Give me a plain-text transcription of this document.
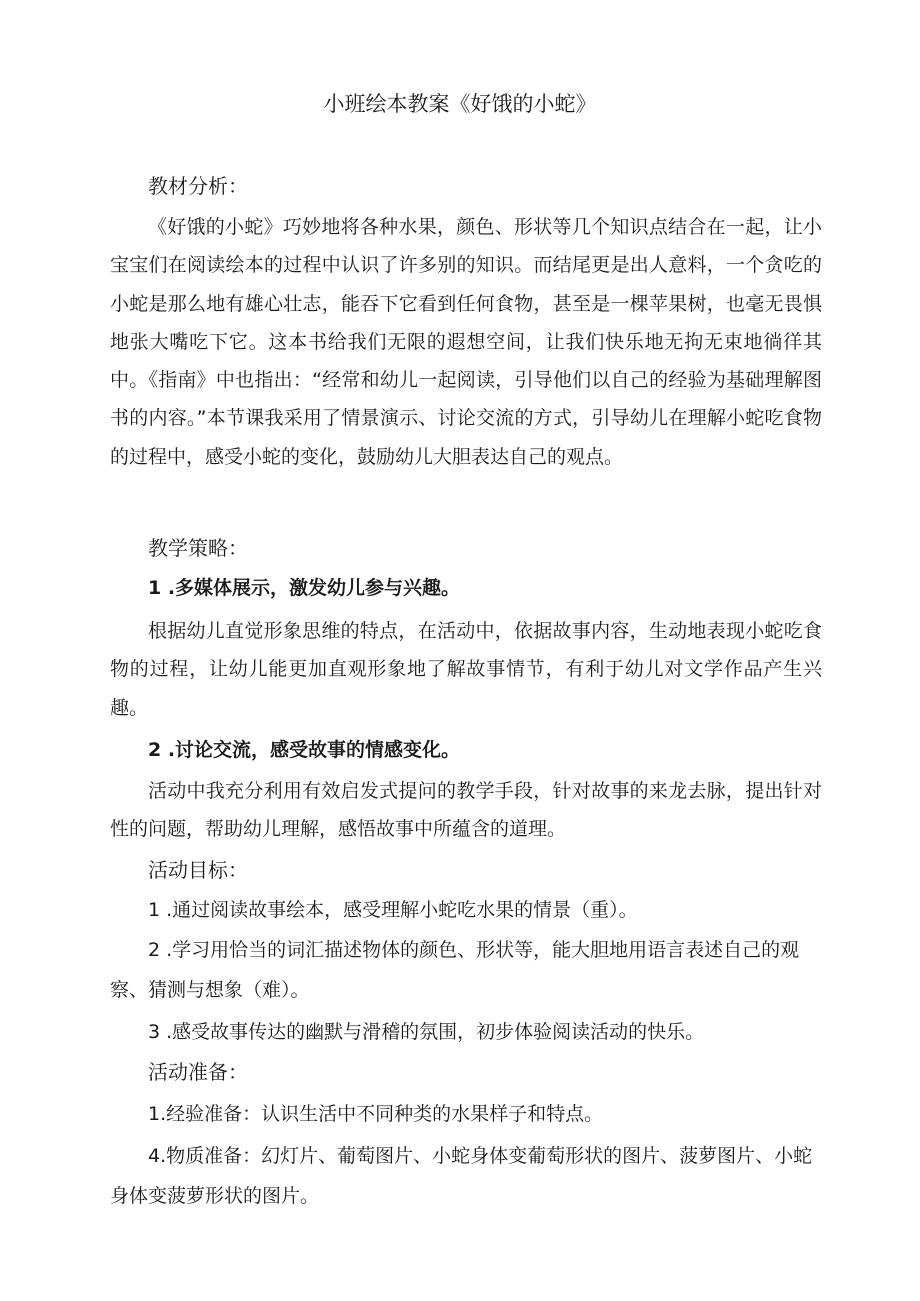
小班绘本教案《好饿的小蛇》

教材分析：

《好饿的小蛇》巧妙地将各种水果，颜色、形状等几个知识点结合在一起，让小宝宝们在阅读绘本的过程中认识了许多别的知识。而结尾更是出人意料，一个贪吃的小蛇是那么地有雄心壮志，能吞下它看到任何食物，甚至是一棵苹果树，也毫无畏惧地张大嘴吃下它。这本书给我们无限的遐想空间，让我们快乐地无拘无束地徜徉其中。《指南》中也指出：“经常和幼儿一起阅读，引导他们以自己的经验为基础理解图书的内容。”本节课我采用了情景演示、讨论交流的方式，引导幼儿在理解小蛇吃食物的过程中，感受小蛇的变化，鼓励幼儿大胆表达自己的观点。

教学策略：

1 .多媒体展示，激发幼儿参与兴趣。

根据幼儿直觉形象思维的特点，在活动中，依据故事内容，生动地表现小蛇吃食物的过程，让幼儿能更加直观形象地了解故事情节，有利于幼儿对文学作品产生兴趣。

2 .讨论交流，感受故事的情感变化。

活动中我充分利用有效启发式提问的教学手段，针对故事的来龙去脉，提出针对性的问题，帮助幼儿理解，感悟故事中所蕴含的道理。

活动目标：

1 .通过阅读故事绘本，感受理解小蛇吃水果的情景（重）。

2 .学习用恰当的词汇描述物体的颜色、形状等，能大胆地用语言表述自己的观察、猜测与想象（难）。

3 .感受故事传达的幽默与滑稽的氛围，初步体验阅读活动的快乐。

活动准备：

1.经验准备：认识生活中不同种类的水果样子和特点。

4.物质准备：幻灯片、葡萄图片、小蛇身体变葡萄形状的图片、菠萝图片、小蛇身体变菠萝形状的图片。
